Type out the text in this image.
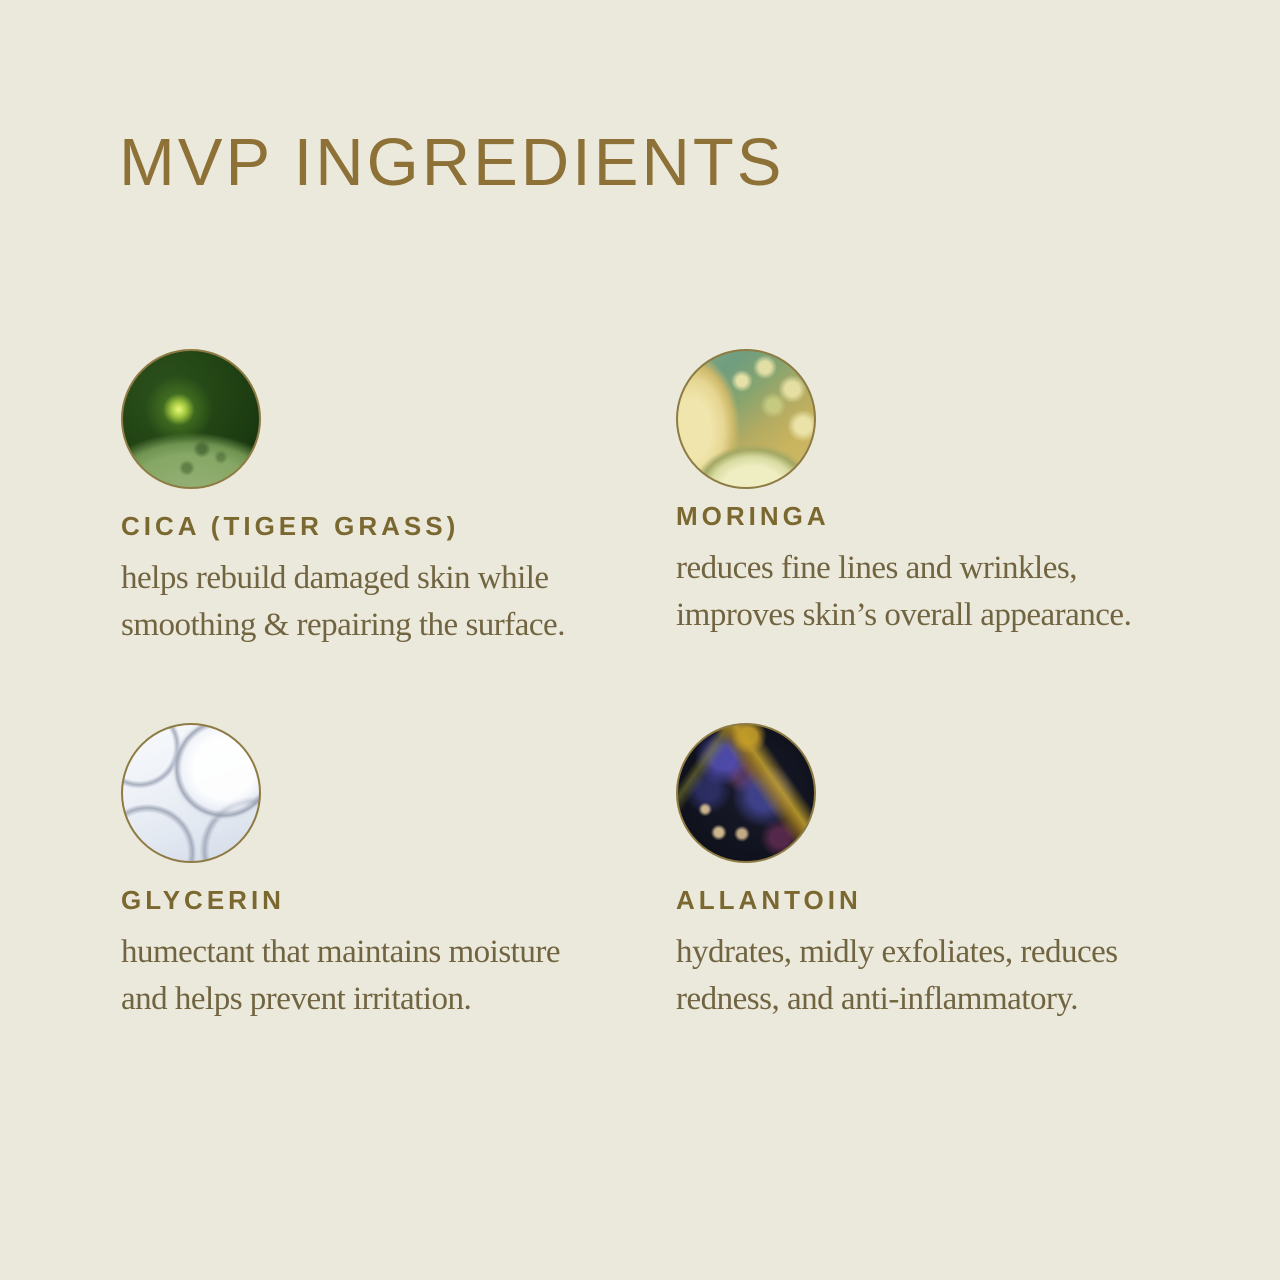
MVP INGREDIENTS
CICA (TIGER GRASS)

helps rebuild damaged skin while
smoothing & repairing the surface.

MORINGA

reduces fine lines and wrinkles,
improves skin’s overall appearance.

GLYCERIN

humectant that maintains moisture
and helps prevent irritation.

ALLANTOIN

hydrates, midly exfoliates, reduces
redness, and anti-inflammatory.
